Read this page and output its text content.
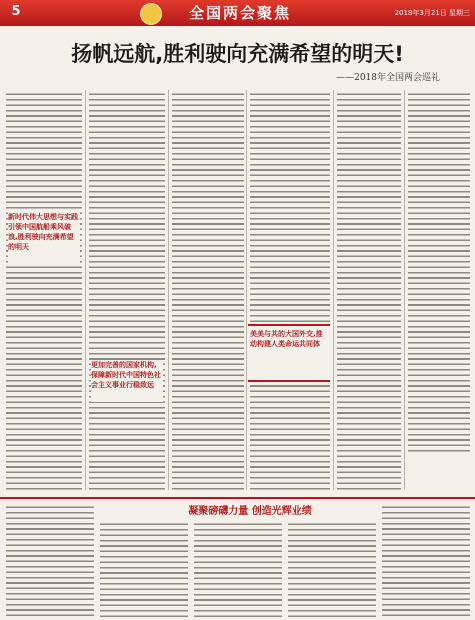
5	全国两会聚焦	2018年3月21日 星期三
扬帆远航,胜利驶向充满希望的明天!
——2018年全国两会巡礼
新时代伟大思想与实践引领中国航船乘风破浪,胜利驶向充满希望的明天
更加完善的国家机构,保障新时代中国特色社会主义事业行稳致远
美美与共的大国外交,推动构建人类命运共同体
凝聚磅礴力量 创造光辉业绩
